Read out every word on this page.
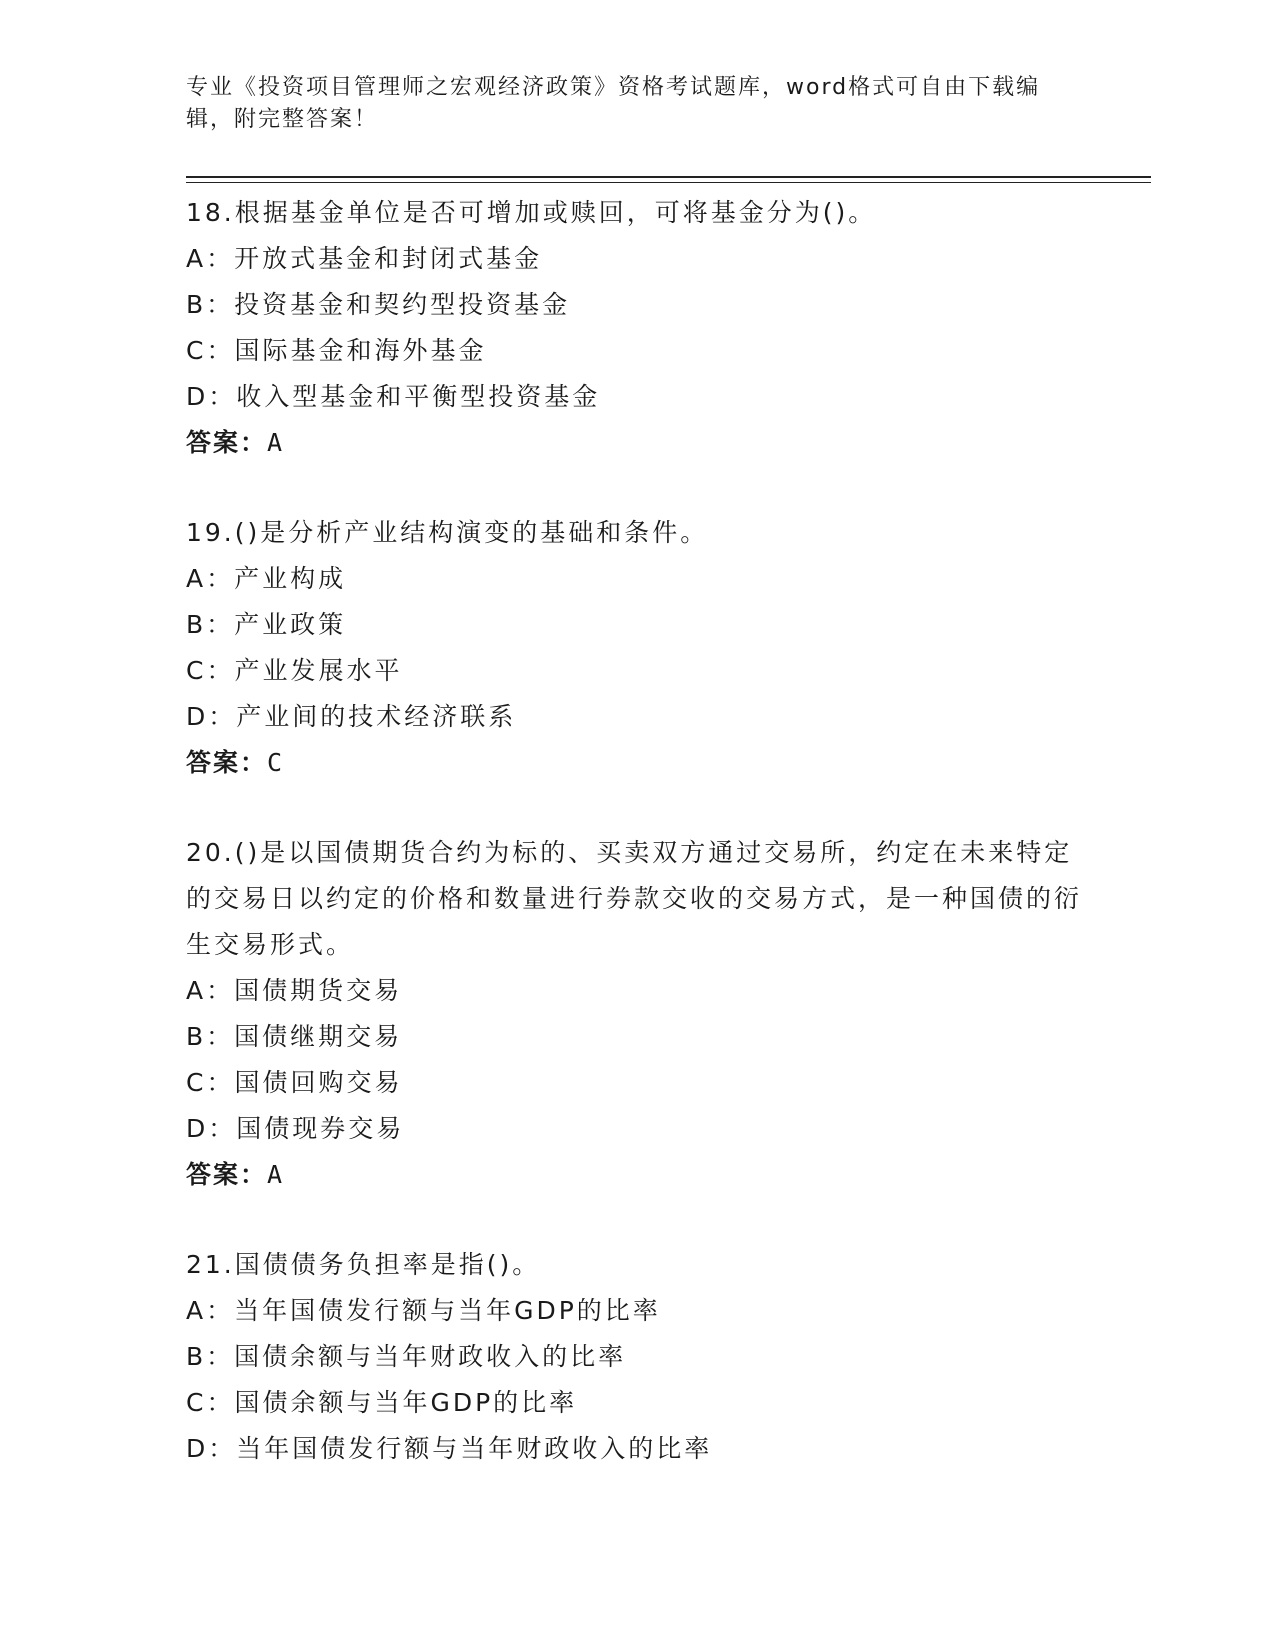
专业《投资项目管理师之宏观经济政策》资格考试题库，word格式可自由下载编辑，附完整答案！

18.根据基金单位是否可增加或赎回，可将基金分为()。

A：开放式基金和封闭式基金
B：投资基金和契约型投资基金
C：国际基金和海外基金
D：收入型基金和平衡型投资基金
答案：A

19.()是分析产业结构演变的基础和条件。

A：产业构成
B：产业政策
C：产业发展水平
D：产业间的技术经济联系
答案：C

20.()是以国债期货合约为标的、买卖双方通过交易所，约定在未来特定的交易日以约定的价格和数量进行券款交收的交易方式，是一种国债的衍生交易形式。

A：国债期货交易
B：国债继期交易
C：国债回购交易
D：国债现券交易
答案：A

21.国债债务负担率是指()。

A：当年国债发行额与当年GDP的比率
B：国债余额与当年财政收入的比率
C：国债余额与当年GDP的比率
D：当年国债发行额与当年财政收入的比率
